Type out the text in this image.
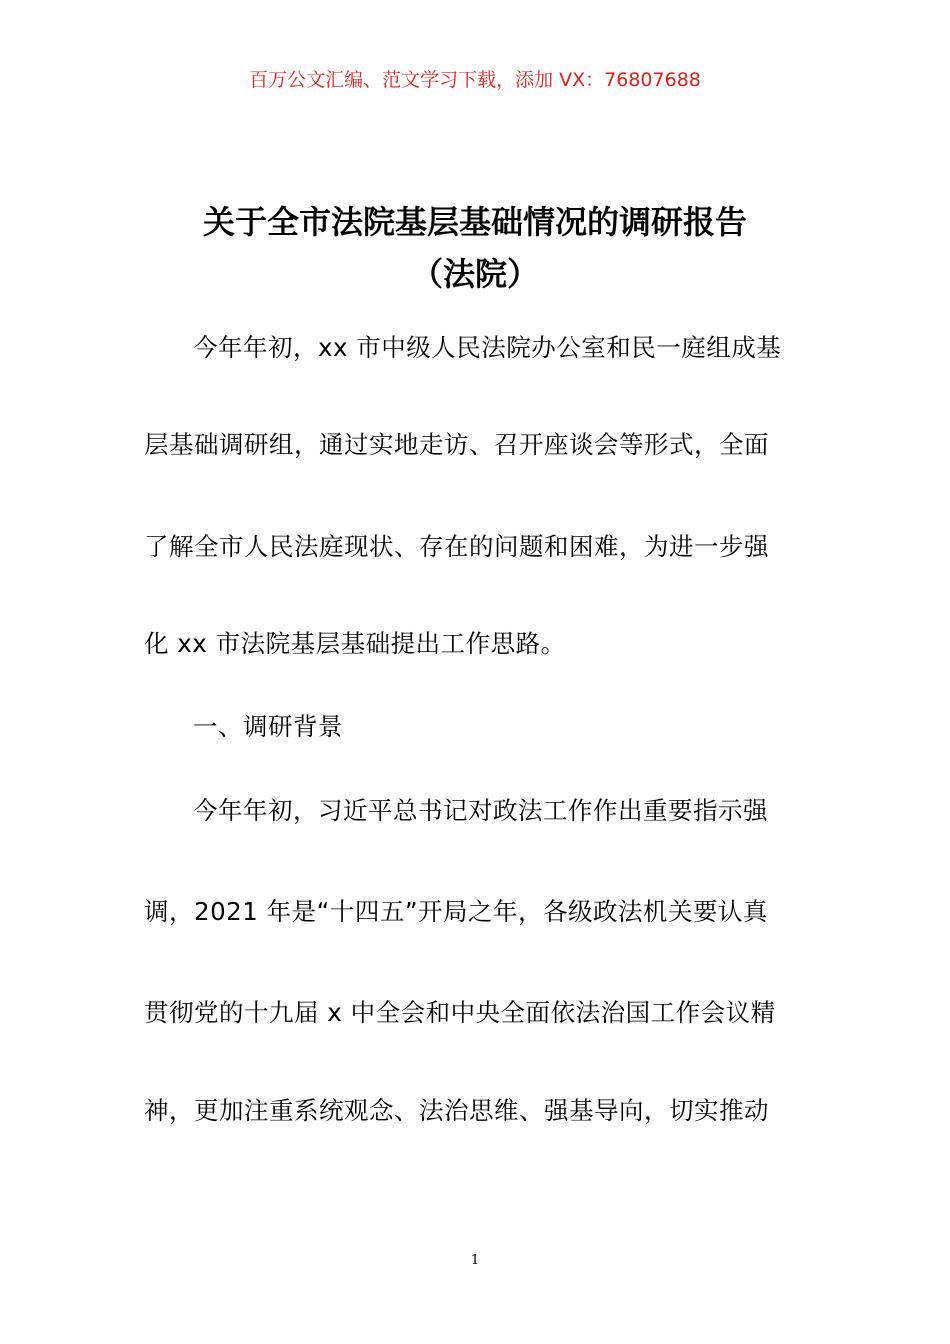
百万公文汇编、范文学习下载，添加 VX：76807688
关于全市法院基层基础情况的调研报告
（法院）
今年年初，xx 市中级人民法院办公室和民一庭组成基
层基础调研组，通过实地走访、召开座谈会等形式，全面
了解全市人民法庭现状、存在的问题和困难，为进一步强
化 xx 市法院基层基础提出工作思路。
一、调研背景
今年年初，习近平总书记对政法工作作出重要指示强
调，2021 年是“十四五”开局之年，各级政法机关要认真
贯彻党的十九届 x 中全会和中央全面依法治国工作会议精
神，更加注重系统观念、法治思维、强基导向，切实推动
1
